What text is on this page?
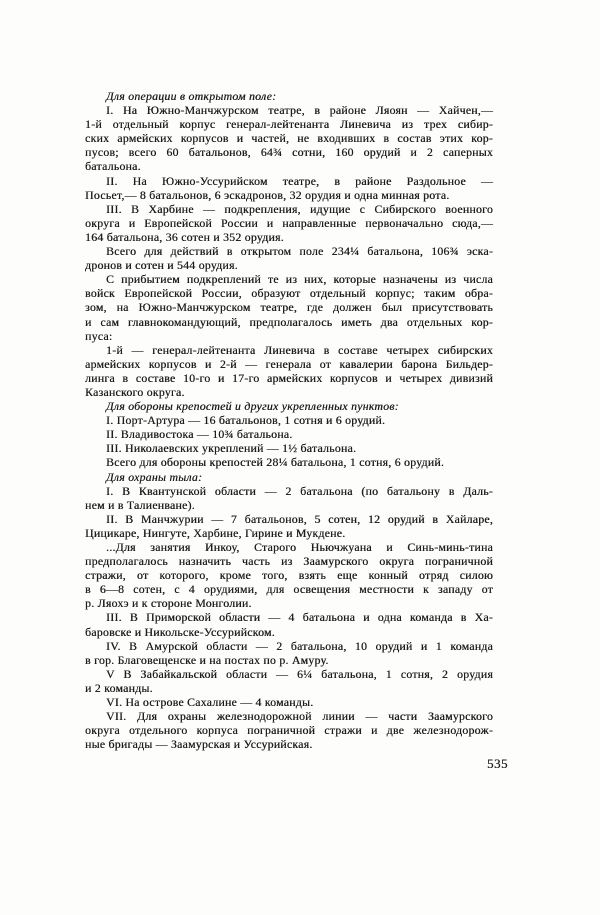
Для операции в открытом поле:
I. На Южно-Манчжурском театре, в районе Ляоян — Хайчен,—
1-й отдельный корпус генерал-лейтенанта Линевича из трех сибир-
ских армейских корпусов и частей, не входивших в состав этих кор-
пусов; всего 60 батальонов, 64¾ сотни, 160 орудий и 2 саперных
батальона.
II. На Южно-Уссурийском театре, в районе Раздольное —
Посьет,— 8 батальонов, 6 эскадронов, 32 орудия и одна минная рота.
III. В Харбине — подкрепления, идущие с Сибирского военного
округа и Европейской России и направленные первоначально сюда,—
164 батальона, 36 сотен и 352 орудия.
Всего для действий в открытом поле 234¼ батальона, 106¾ эска-
дронов и сотен и 544 орудия.
С прибытием подкреплений те из них, которые назначены из числа
войск Европейской России, образуют отдельный корпус; таким обра-
зом, на Южно-Манчжурском театре, где должен был присутствовать
и сам главнокомандующий, предполагалось иметь два отдельных кор-
пуса:
1-й — генерал-лейтенанта Линевича в составе четырех сибирских
армейских корпусов и 2-й — генерала от кавалерии барона Бильдер-
линга в составе 10-го и 17-го армейских корпусов и четырех дивизий
Казанского округа.
Для обороны крепостей и других укрепленных пунктов:
I. Порт-Артура — 16 батальонов, 1 сотня и 6 орудий.
II. Владивостока — 10¾ батальона.
III. Николаевских укреплений — 1½ батальона.
Всего для обороны крепостей 28¼ батальона, 1 сотня, 6 орудий.
Для охраны тыла:
I. В Квантунской области — 2 батальона (по батальону в Даль-
нем и в Талиенване).
II. В Манчжурии — 7 батальонов, 5 сотен, 12 орудий в Хайларе,
Цицикаре, Нингуте, Харбине, Гирине и Мукдене.
...Для занятия Инкоу, Старого Ньючжуана и Синь-минь-тина
предполагалось назначить часть из Заамурского округа пограничной
стражи, от которого, кроме того, взять еще конный отряд силою
в 6—8 сотен, с 4 орудиями, для освещения местности к западу от
р. Ляохэ и к стороне Монголии.
III. В Приморской области — 4 батальона и одна команда в Ха-
баровске и Никольске-Уссурийском.
IV. В Амурской области — 2 батальона, 10 орудий и 1 команда
в гор. Благовещенске и на постах по р. Амуру.
V В Забайкальской области — 6¼ батальона, 1 сотня, 2 орудия
и 2 команды.
VI. На острове Сахалине — 4 команды.
VII. Для охраны железнодорожной линии — части Заамурского
округа отдельного корпуса пограничной стражи и две железнодорож-
ные бригады — Заамурская и Уссурийская.
535
